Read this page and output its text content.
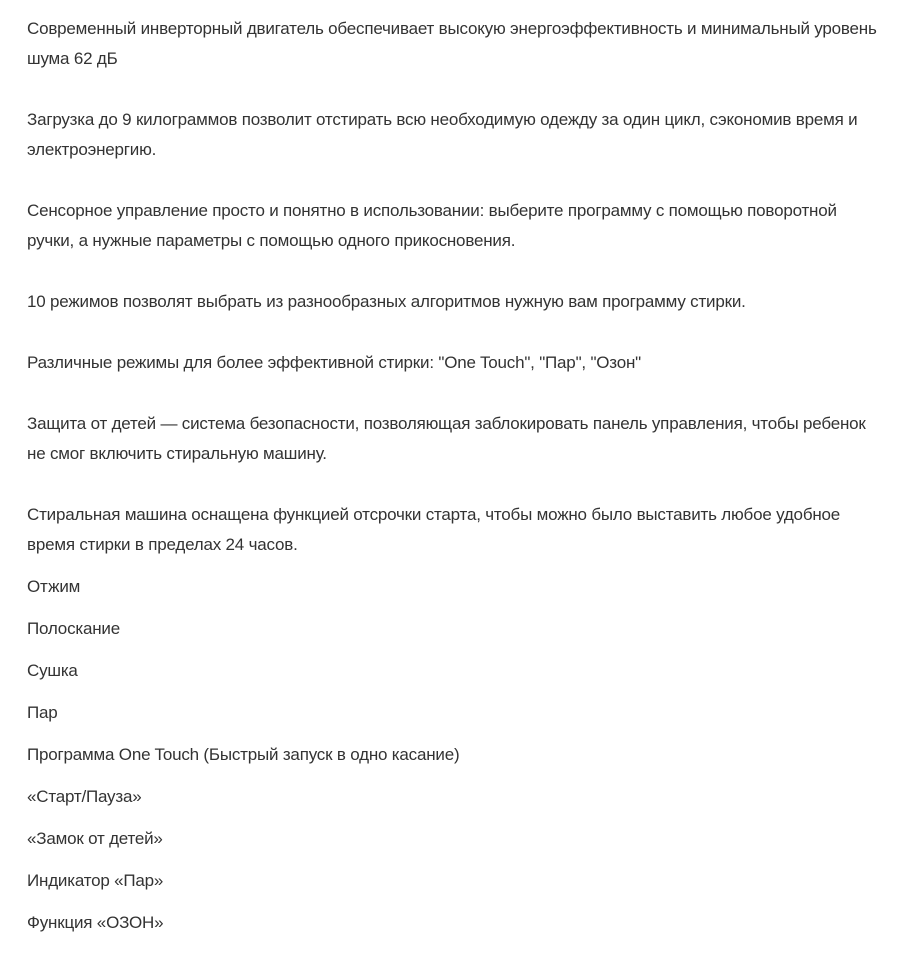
Современный инверторный двигатель обеспечивает высокую энергоэффективность и минимальный уровень шума 62 дБ

Загрузка до 9 килограммов позволит отстирать всю необходимую одежду за один цикл, сэкономив время и электроэнергию.

Сенсорное управление просто и понятно в использовании: выберите программу с помощью поворотной ручки, а нужные параметры с помощью одного прикосновения.

10 режимов позволят выбрать из разнообразных алгоритмов нужную вам программу стирки.

Различные режимы для более эффективной стирки: "One Touch", "Пар", "Озон"

Защита от детей — система безопасности, позволяющая заблокировать панель управления, чтобы ребенок не смог включить стиральную машину.

Стиральная машина оснащена функцией отсрочки старта, чтобы можно было выставить любое удобное время стирки в пределах 24 часов.

Отжим
Полоскание
Сушка
Пар
Программа One Touch (Быстрый запуск в одно касание)
«Старт/Пауза»
«Замок от детей»
Индикатор «Пар»
Функция «ОЗОН»
